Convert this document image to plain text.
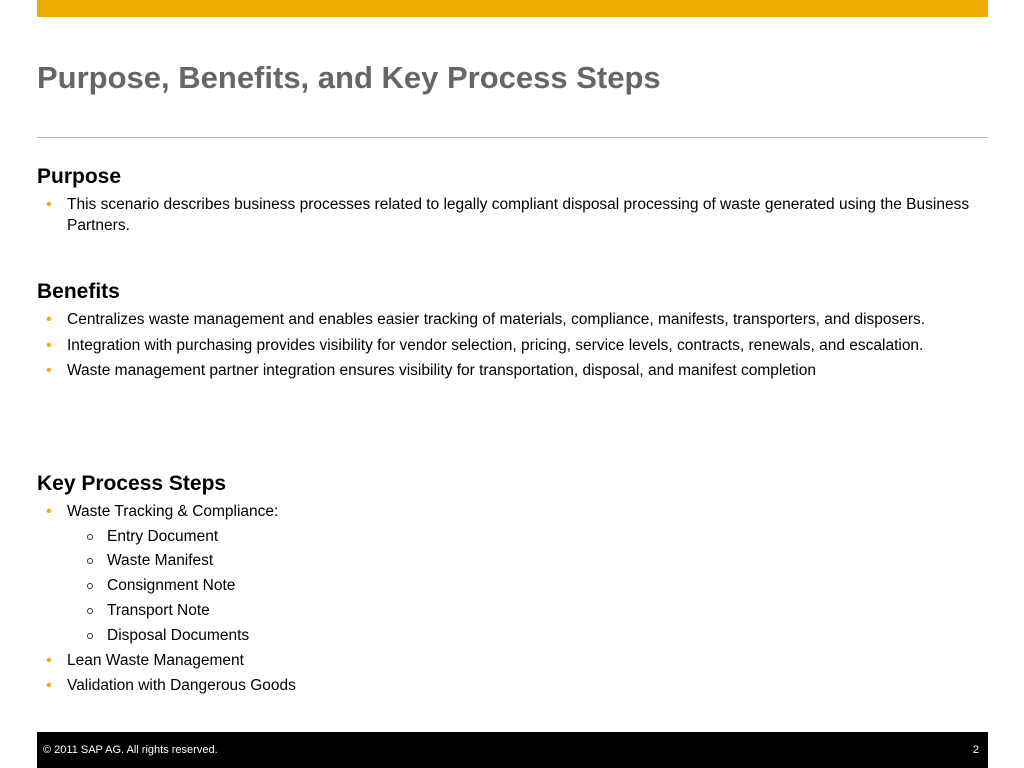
Purpose, Benefits, and Key Process Steps
Purpose
• This scenario describes business processes related to legally compliant disposal processing of waste generated using the Business Partners.
Benefits
• Centralizes waste management and enables easier tracking of materials, compliance, manifests, transporters, and disposers.
• Integration with purchasing provides visibility for vendor selection, pricing, service levels, contracts, renewals, and escalation.
• Waste management partner integration ensures visibility for transportation, disposal, and manifest completion
Key Process Steps
• Waste Tracking & Compliance:
Entry Document
Waste Manifest
Consignment Note
Transport Note
Disposal Documents
• Lean Waste Management
• Validation with Dangerous Goods
© 2011 SAP AG. All rights reserved.	2
